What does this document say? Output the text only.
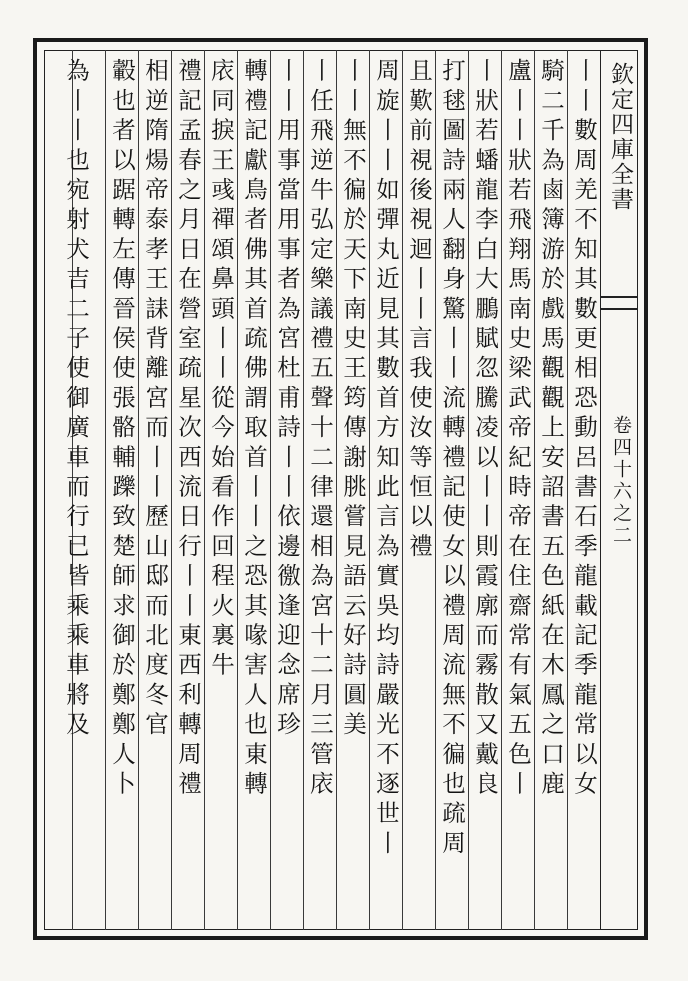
欽定四庫全書
卷四十六之二
丨丨數周羌不知其數更相恐動呂書石季龍載記季龍常以女
騎二千為鹵簿游於戲馬觀觀上安詔書五色紙在木鳳之口鹿
盧丨丨狀若飛翔馬南史梁武帝紀時帝在住齋常有氣五色丨
丨狀若蟠龍李白大鵬賦忽騰凌以丨丨則霞廓而霧散又戴良
打毬圖詩兩人翻身驚丨丨流轉禮記使女以禮周流無不徧也疏周
且歎前視後視迴丨丨言我使汝等恒以禮
周旋丨丨如彈丸近見其數首方知此言為實吳均詩嚴光不逐世丨
丨丨無不徧於天下南史王筠傳謝朓嘗見語云好詩圓美
丨任飛逆牛弘定樂議禮五聲十二律還相為宮十二月三管庡
丨丨用事當用事者為宮杜甫詩丨丨依邊徼逢迎念席珍
轉禮記獻鳥者佛其首疏佛謂取首丨丨之恐其喙害人也東轉
庡同捩王彧禪頌鼻頭丨丨從今始看作回程火裏牛
禮記孟春之月日在營室疏星次西流日行丨丨東西利轉周禮
相逆隋煬帝泰孝王誄背離宮而丨丨歷山邸而北度冬官
轂也者以踞轉左傳晉侯使張骼輔躒致楚師求御於鄭鄭人卜
為丨丨也宛射犬吉二子使御廣車而行已皆乘乘車將及
